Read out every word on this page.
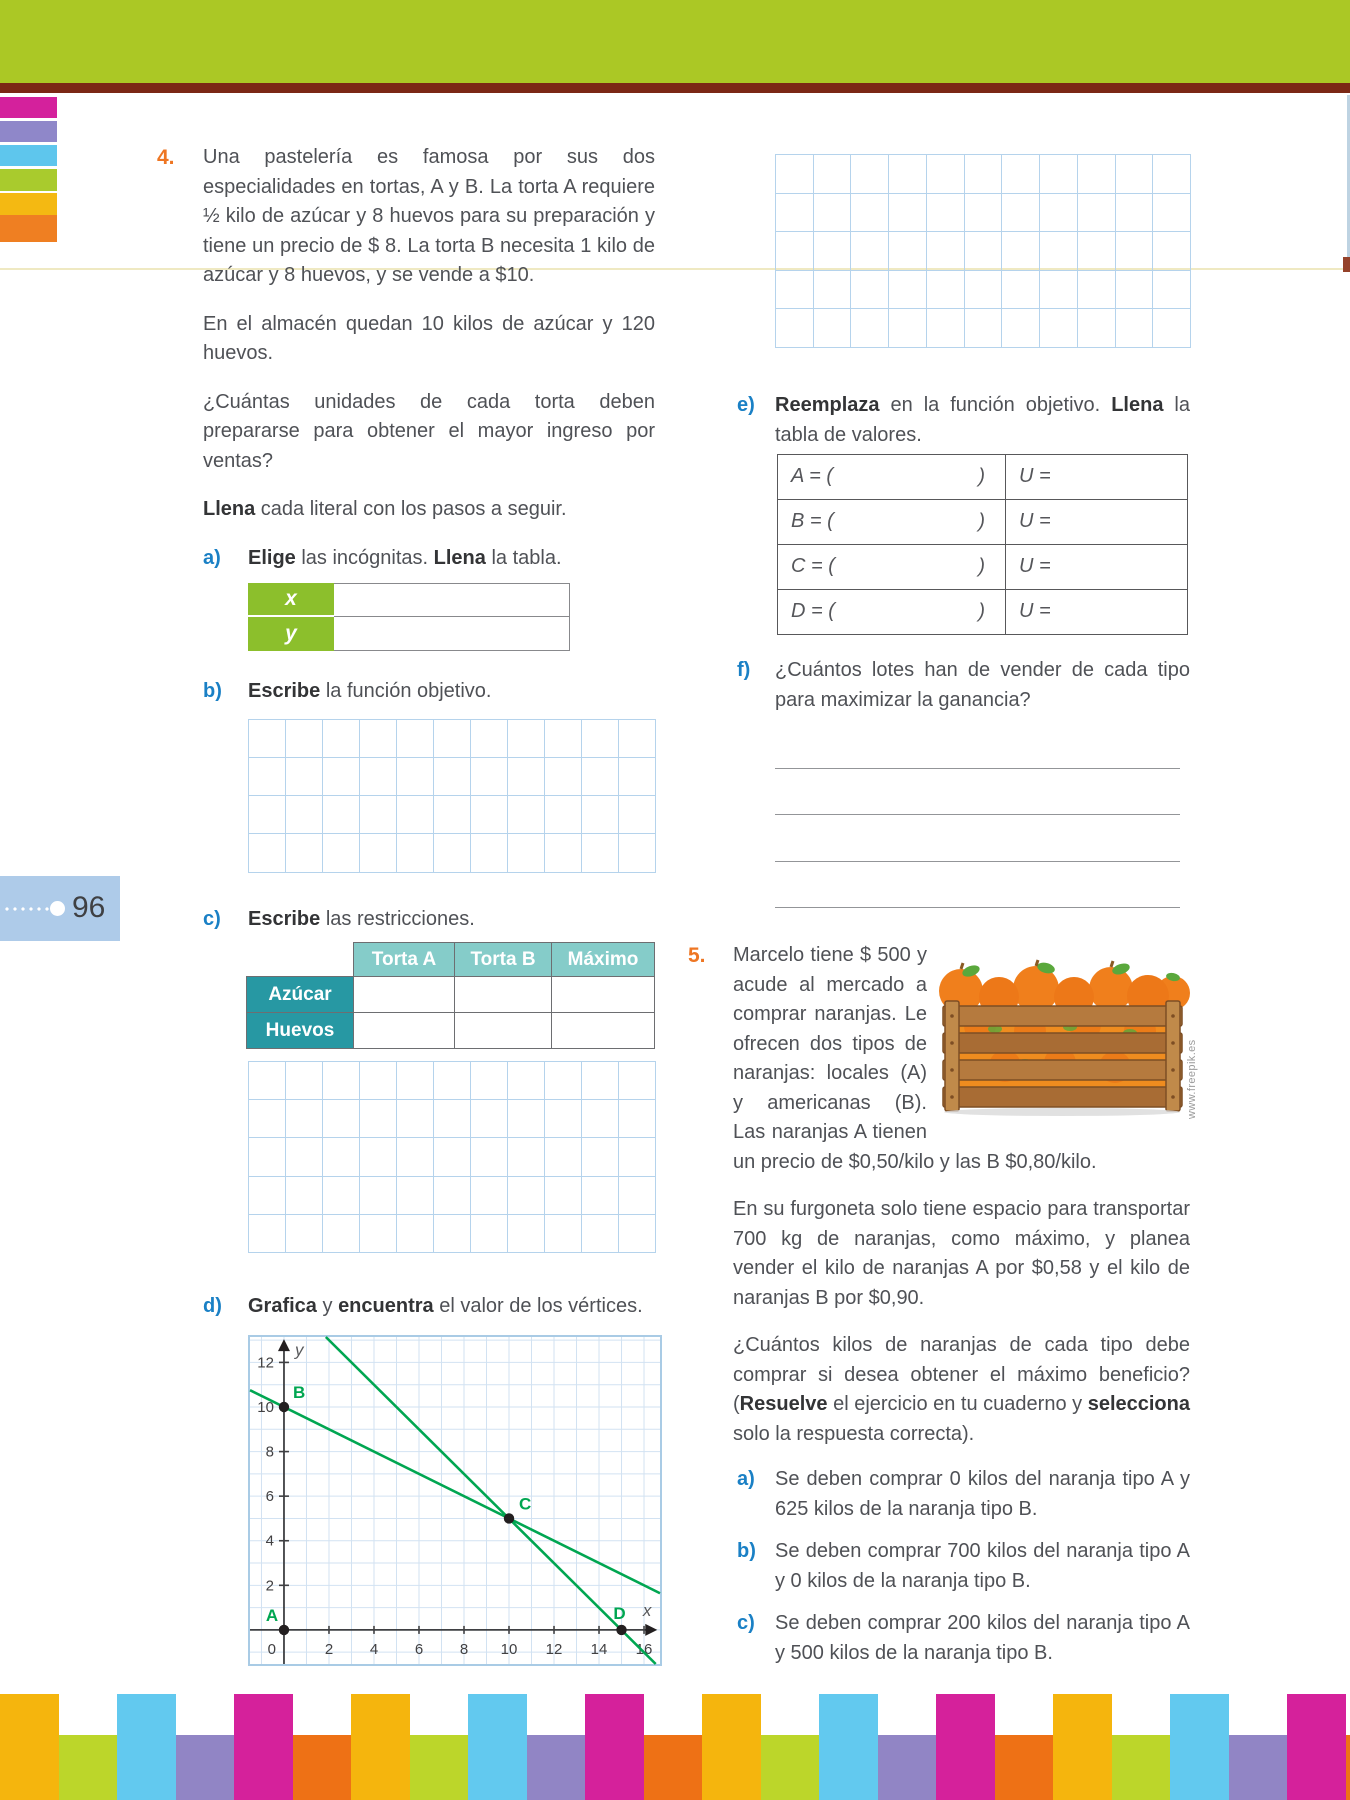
96
4.	Una pastelería es famosa por sus dos especialidades en tortas, A y B. La torta A requiere ½ kilo de azúcar y 8 huevos para su preparación y tiene un precio de $ 8. La torta B necesita 1 kilo de azúcar y 8 huevos, y se vende a $10.

En el almacén quedan 10 kilos de azúcar y 120 huevos.

¿Cuántas unidades de cada torta deben prepararse para obtener el mayor ingreso por ventas?

Llena cada literal con los pasos a seguir.

a)	Elige las incógnitas. Llena la tabla.
x
y
b)	Escribe la función objetivo.
c)	Escribe las restricciones.
	Torta A	Torta B	Máximo
Azúcar			
Huevos			
d)	Grafica y encuentra el valor de los vértices.
0	2 4 6 8 10 12 14 16
2
4
6
8
10
12
x
y
A
B
C
D
e)	Reemplaza en la función objetivo. Llena la tabla de valores.
A = ( )	U =
B = ( )	U =
C = ( )	U =
D = ( )	U =
f)	¿Cuántos lotes han de vender de cada tipo para maximizar la ganancia?
5.

www.freepik.es
Marcelo tiene $ 500 y acude al mercado a comprar naranjas. Le ofrecen dos tipos de naranjas: locales (A) y americanas (B). Las naranjas A tienen un precio de $0,50/kilo y las B $0,80/kilo.

En su furgoneta solo tiene espacio para transportar 700 kg de naranjas, como máximo, y planea vender el kilo de naranjas A por $0,58 y el kilo de naranjas B por $0,90.

¿Cuántos kilos de naranjas de cada tipo debe comprar si desea obtener el máximo beneficio? (Resuelve el ejercicio en tu cuaderno y selecciona solo la respuesta correcta).

a)	Se deben comprar 0 kilos del naranja tipo A y 625 kilos de la naranja tipo B.
b) Se deben comprar 700 kilos del naranja tipo A y 0 kilos de la naranja tipo B.
c)	Se deben comprar 200 kilos del naranja tipo A y 500 kilos de la naranja tipo B.
